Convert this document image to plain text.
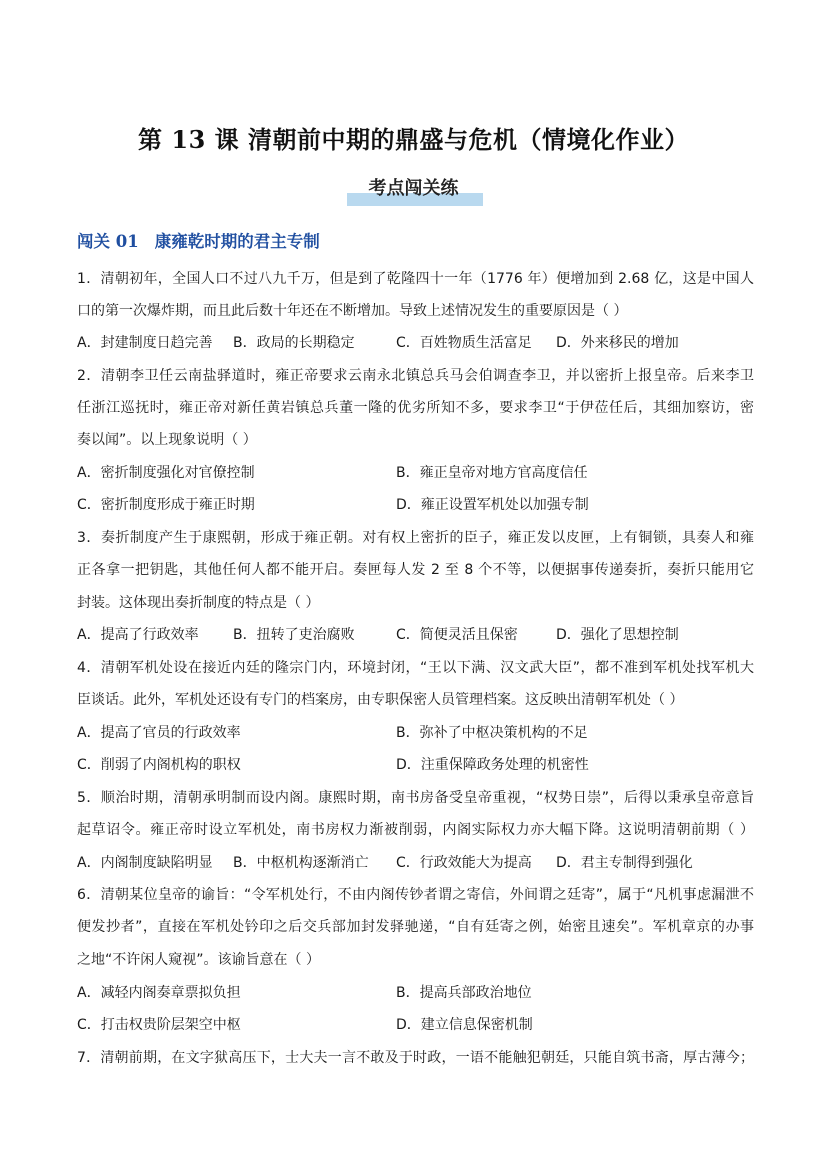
第 13 课 清朝前中期的鼎盛与危机（情境化作业）
考点闯关练
闯关 01 康雍乾时期的君主专制
1．清朝初年，全国人口不过八九千万，但是到了乾隆四十一年（1776 年）便增加到 2.68 亿，这是中国人
口的第一次爆炸期，而且此后数十年还在不断增加。导致上述情况发生的重要原因是（ ）
A．封建制度日趋完善 B．政局的长期稳定	C．百姓物质生活富足 D．外来移民的增加
2．清朝李卫任云南盐驿道时，雍正帝要求云南永北镇总兵马会伯调查李卫，并以密折上报皇帝。后来李卫
任浙江巡抚时，雍正帝对新任黄岩镇总兵董一隆的优劣所知不多，要求李卫“于伊莅任后，其细加察访，密
奏以闻”。以上现象说明（ ）
A．密折制度强化对官僚控制	B．雍正皇帝对地方官高度信任
C．密折制度形成于雍正时期	D．雍正设置军机处以加强专制
3．奏折制度产生于康熙朝，形成于雍正朝。对有权上密折的臣子，雍正发以皮匣，上有铜锁，具奏人和雍
正各拿一把钥匙，其他任何人都不能开启。奏匣每人发 2 至 8 个不等，以便据事传递奏折，奏折只能用它
封装。这体现出奏折制度的特点是（ ）
A．提高了行政效率 B．扭转了吏治腐败	C．简便灵活且保密	D．强化了思想控制
4．清朝军机处设在接近内廷的隆宗门内，环境封闭，“王以下满、汉文武大臣”，都不准到军机处找军机大
臣谈话。此外，军机处还设有专门的档案房，由专职保密人员管理档案。这反映出清朝军机处（ ）
A．提高了官员的行政效率	B．弥补了中枢决策机构的不足
C．削弱了内阁机构的职权	D．注重保障政务处理的机密性
5．顺治时期，清朝承明制而设内阁。康熙时期，南书房备受皇帝重视，“权势日崇”，后得以秉承皇帝意旨
起草诏令。雍正帝时设立军机处，南书房权力渐被削弱，内阁实际权力亦大幅下降。这说明清朝前期（ ）
A．内阁制度缺陷明显 B．中枢机构逐渐消亡 C．行政效能大为提高 D．君主专制得到强化
6．清朝某位皇帝的谕旨：“令军机处行，不由内阁传钞者谓之寄信，外间谓之廷寄”，属于“凡机事虑漏泄不
便发抄者”，直接在军机处钤印之后交兵部加封发驿驰递，“自有廷寄之例，始密且速矣”。军机章京的办事
之地“不许闲人窥视”。该谕旨意在（ ）
A．减轻内阁奏章票拟负担	B．提高兵部政治地位
C．打击权贵阶层架空中枢	D．建立信息保密机制
7．清朝前期，在文字狱高压下，士大夫一言不敢及于时政，一语不能触犯朝廷，只能自筑书斋，厚古薄今；
